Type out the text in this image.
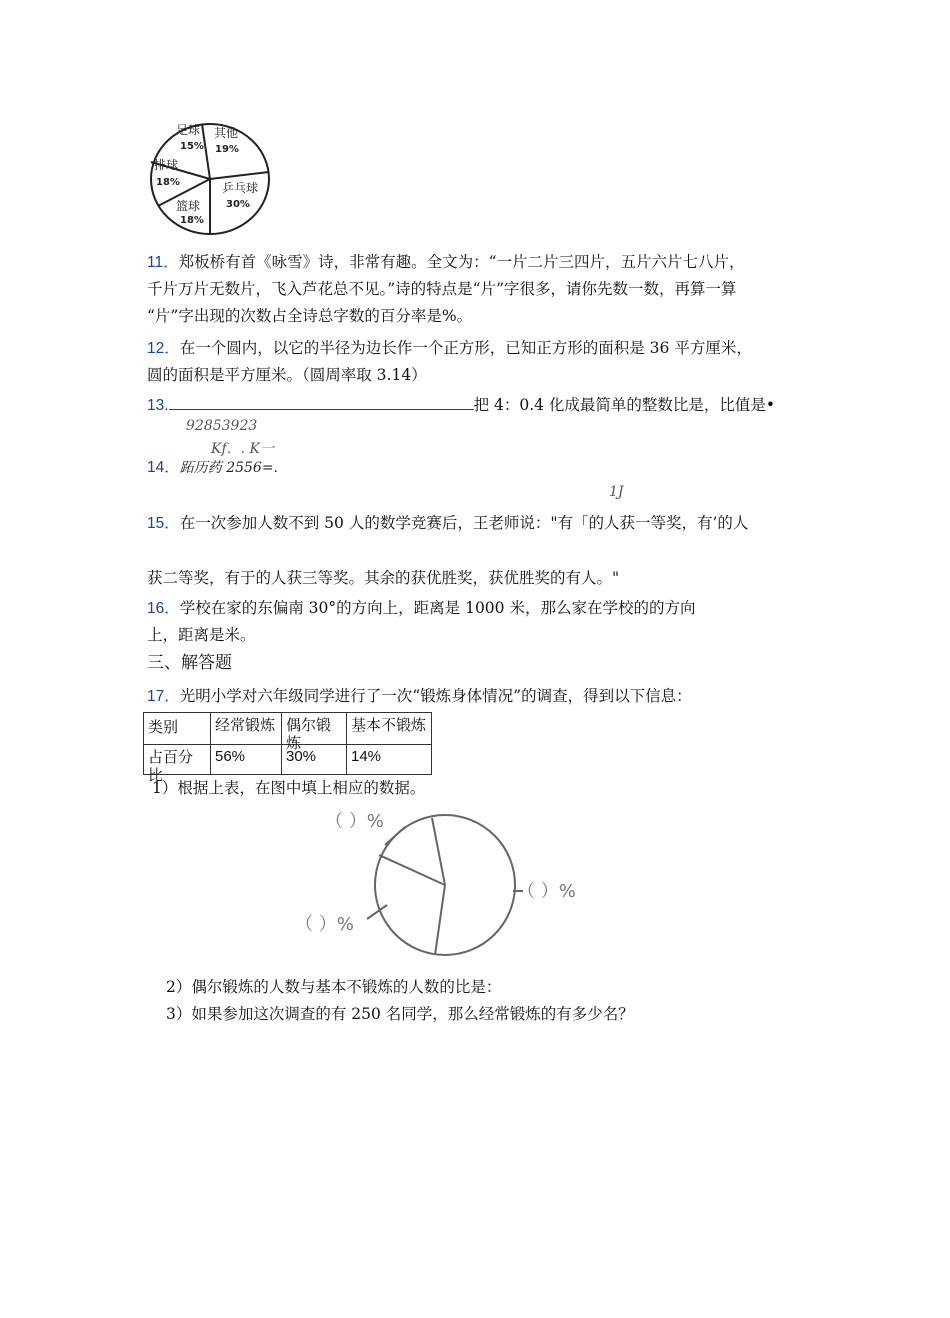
足球
15%
其他
19%
乒乓球
30%
篮球
18%
排球
18%
11．郑板桥有首《咏雪》诗，非常有趣。全文为：“一片二片三四片，五片六片七八片，
千片万片无数片，飞入芦花总不见。”诗的特点是“片”字很多，请你先数一数，再算一算
“片”字出现的次数占全诗总字数的百分率是%。
12．在一个圆内，以它的半径为边长作一个正方形，已知正方形的面积是 36 平方厘米，
圆的面积是平方厘米。（圆周率取 3.14）
13.	把 4：0.4 化成最简单的整数比是，比值是•
92853923
Kf．. K一
14．跖历药 2556=.
1J
15．在一次参加人数不到 50 人的数学竞赛后，王老师说："有「的人获一等奖，有’的人
获二等奖，有于的人获三等奖。其余的获优胜奖，获优胜奖的有人。"
16．学校在家的东偏南 30°的方向上，距离是 1000 米，那么家在学校的的方向
上，距离是米。
三、解答题
17．光明小学对六年级同学进行了一次“锻炼身体情况”的调查，得到以下信息：
类别	经常锻炼	偶尔锻炼	基本不锻炼

占百分比	56%	30%	14%
1）根据上表，在图中填上相应的数据。
（ ）%
（ ）%
（ ）%
2）偶尔锻炼的人数与基本不锻炼的人数的比是：
3）如果参加这次调查的有 250 名同学，那么经常锻炼的有多少名？
